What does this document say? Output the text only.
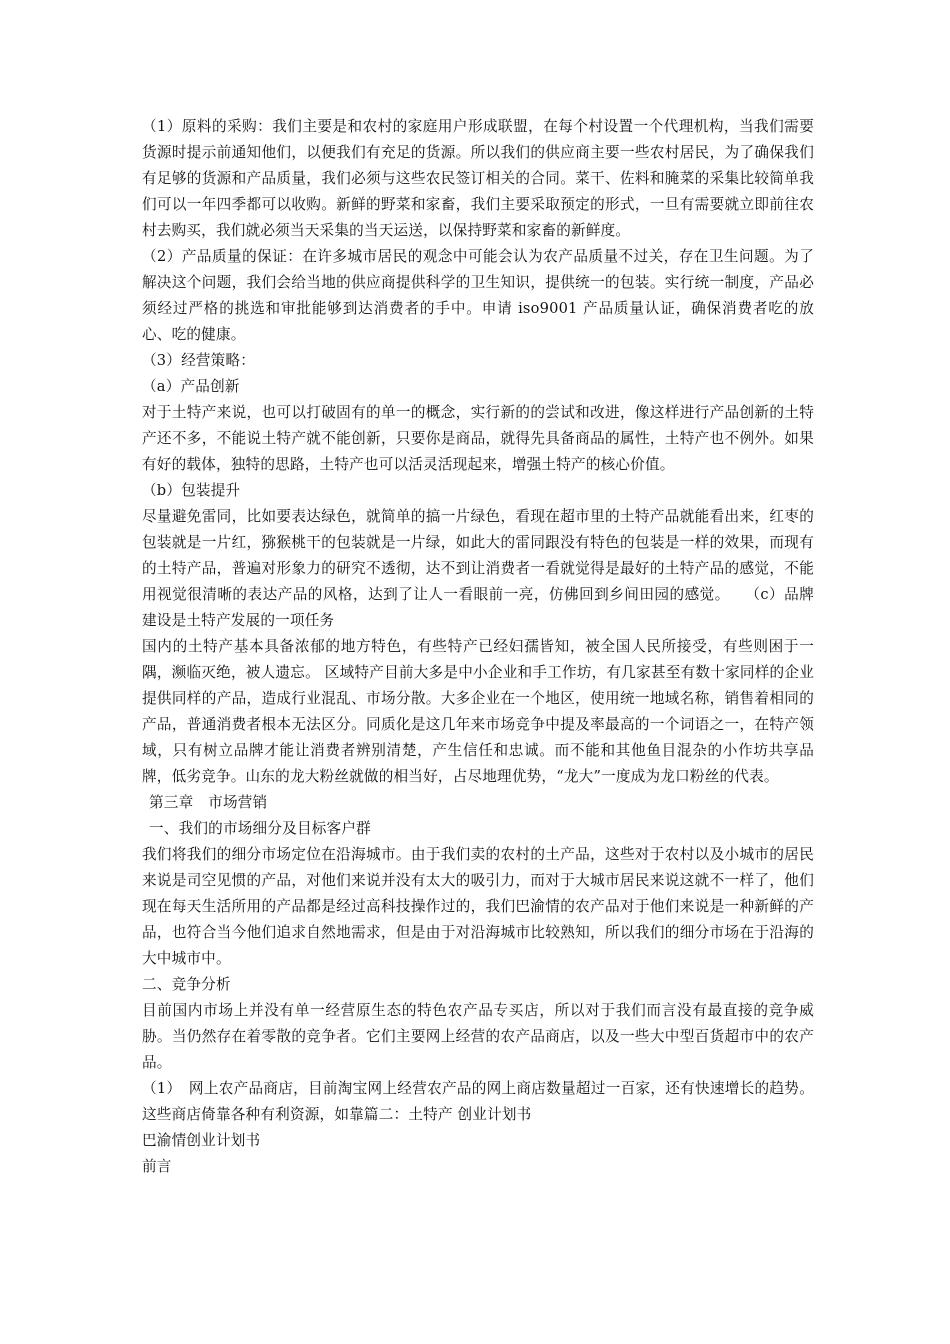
（1）原料的采购：我们主要是和农村的家庭用户形成联盟，在每个村设置一个代理机构，当我们需要货源时提示前通知他们，以便我们有充足的货源。所以我们的供应商主要一些农村居民，为了确保我们有足够的货源和产品质量，我们必须与这些农民签订相关的合同。菜干、佐料和腌菜的采集比较简单我们可以一年四季都可以收购。新鲜的野菜和家畜，我们主要采取预定的形式，一旦有需要就立即前往农村去购买，我们就必须当天采集的当天运送，以保持野菜和家畜的新鲜度。

（2）产品质量的保证：在许多城市居民的观念中可能会认为农产品质量不过关，存在卫生问题。为了解决这个问题，我们会给当地的供应商提供科学的卫生知识，提供统一的包装。实行统一制度，产品必须经过严格的挑选和审批能够到达消费者的手中。申请 iso9001 产品质量认证，确保消费者吃的放心、吃的健康。

（3）经营策略：

（a）产品创新

对于土特产来说，也可以打破固有的单一的概念，实行新的的尝试和改进，像这样进行产品创新的土特产还不多，不能说土特产就不能创新，只要你是商品，就得先具备商品的属性，土特产也不例外。如果有好的载体，独特的思路，土特产也可以活灵活现起来，增强土特产的核心价值。

（b）包装提升

尽量避免雷同，比如要表达绿色，就简单的搞一片绿色，看现在超市里的土特产品就能看出来，红枣的包装就是一片红，猕猴桃干的包装就是一片绿，如此大的雷同跟没有特色的包装是一样的效果，而现有的土特产品，普遍对形象力的研究不透彻，达不到让消费者一看就觉得是最好的土特产品的感觉，不能用视觉很清晰的表达产品的风格，达到了让人一看眼前一亮，仿佛回到乡间田园的感觉。　　（c）品牌建设是土特产发展的一项任务

国内的土特产基本具备浓郁的地方特色，有些特产已经妇孺皆知，被全国人民所接受，有些则困于一隅，濒临灭绝，被人遗忘。 区域特产目前大多是中小企业和手工作坊，有几家甚至有数十家同样的企业提供同样的产品，造成行业混乱、市场分散。大多企业在一个地区，使用统一地域名称，销售着相同的产品，普通消费者根本无法区分。同质化是这几年来市场竞争中提及率最高的一个词语之一，在特产领域，只有树立品牌才能让消费者辨别清楚，产生信任和忠诚。而不能和其他鱼目混杂的小作坊共享品牌，低劣竞争。山东的龙大粉丝就做的相当好，占尽地理优势，“龙大”一度成为龙口粉丝的代表。

第三章　市场营销

一、我们的市场细分及目标客户群

我们将我们的细分市场定位在沿海城市。由于我们卖的农村的土产品，这些对于农村以及小城市的居民来说是司空见惯的产品，对他们来说并没有太大的吸引力，而对于大城市居民来说这就不一样了，他们现在每天生活所用的产品都是经过高科技操作过的，我们巴渝情的农产品对于他们来说是一种新鲜的产品，也符合当今他们追求自然地需求，但是由于对沿海城市比较熟知，所以我们的细分市场在于沿海的大中城市中。

二、竞争分析

目前国内市场上并没有单一经营原生态的特色农产品专买店，所以对于我们而言没有最直接的竞争威胁。当仍然存在着零散的竞争者。它们主要网上经营的农产品商店，以及一些大中型百货超市中的农产品。

（1）　网上农产品商店，目前淘宝网上经营农产品的网上商店数量超过一百家，还有快速增长的趋势。这些商店倚靠各种有利资源，如靠篇二：土特产 创业计划书

巴渝情创业计划书

前言
